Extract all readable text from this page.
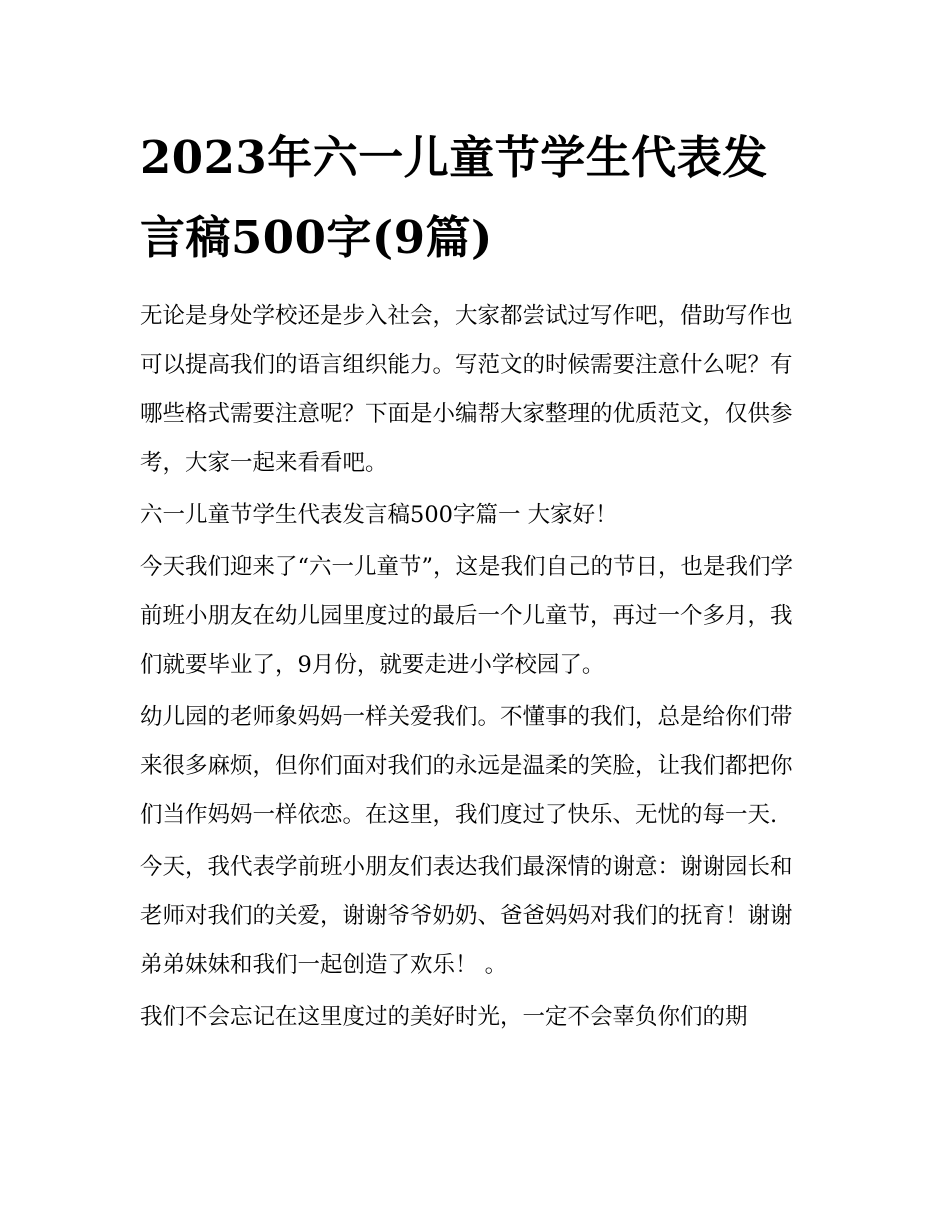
2023年六一儿童节学生代表发言稿500字(9篇)

无论是身处学校还是步入社会，大家都尝试过写作吧，借助写作也可以提高我们的语言组织能力。写范文的时候需要注意什么呢？有哪些格式需要注意呢？下面是小编帮大家整理的优质范文，仅供参考，大家一起来看看吧。

六一儿童节学生代表发言稿500字篇一 大家好！

今天我们迎来了“六一儿童节”，这是我们自己的节日，也是我们学前班小朋友在幼儿园里度过的最后一个儿童节，再过一个多月，我们就要毕业了，9月份，就要走进小学校园了。

幼儿园的老师象妈妈一样关爱我们。不懂事的我们，总是给你们带来很多麻烦，但你们面对我们的永远是温柔的笑脸，让我们都把你们当作妈妈一样依恋。在这里，我们度过了快乐、无忧的每一天.

今天，我代表学前班小朋友们表达我们最深情的谢意：谢谢园长和老师对我们的关爱，谢谢爷爷奶奶、爸爸妈妈对我们的抚育！谢谢弟弟妹妹和我们一起创造了欢乐！ 。

我们不会忘记在这里度过的美好时光，一定不会辜负你们的期
